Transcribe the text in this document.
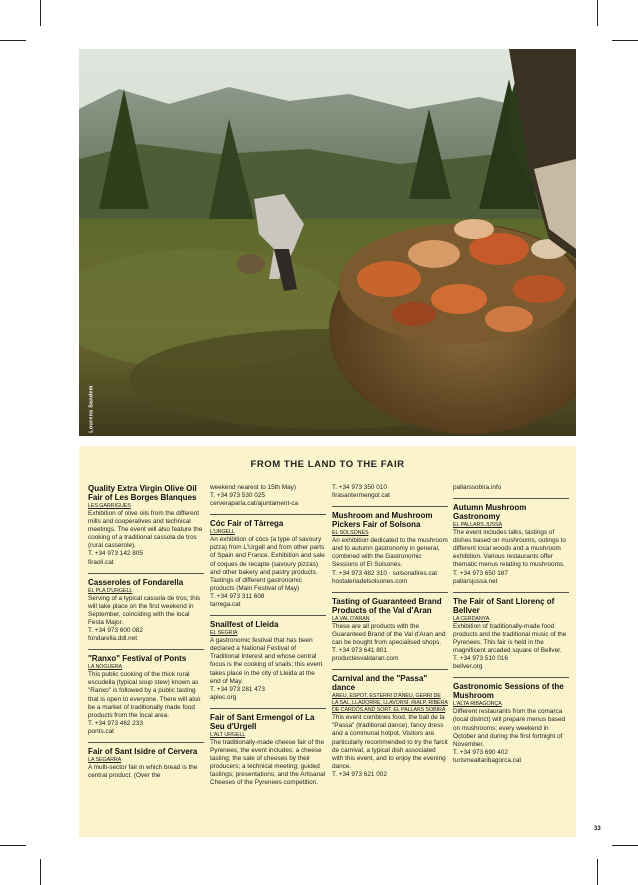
Lourens Sandem
FROM THE LAND TO THE FAIR
Quality Extra Virgin Olive Oil Fair of Les Borges Blanques
LES GARRIGUES
Exhibition of olive oils from the different mills and cooperatives and technical meetings. The event will also feature the cooking of a traditional cassola de tros (rural casserole).
T. +34 973 142 805
firaoli.cat
Casseroles of Fondarella
EL PLA D'URGELL
Serving of a typical cassola de tros; this will take place on the first weekend in September, coinciding with the local Festa Major.
T. +34 973 600 082
fondarella.ddl.net
"Ranxo" Festival of Ponts
LA NOGUERA
This public cooking of the thick rural escudella (typical soup stew) known as "Ranxo" is followed by a public tasting that is open to everyone. There will also be a market of traditionally made food products from the local area.
T. +34 973 462 233
ponts.cat
Fair of Sant Isidre of Cervera
LA SEGARRA
A multi-sector fair in which bread is the central product. (Over the
weekend nearest to 15th May)
T. +34 973 530 025
cerveraparia.cat/ajuntament-ca
Cóc Fair of Tàrrega
L'URGELL
An exhibition of cócs (a type of savoury pizza) from L'Urgell and from other parts of Spain and France. Exhibition and sale of coques de recapte (savoury pizzas) and other bakery and pastry products. Tastings of different gastronomic products (Main Festival of May)
T. +34 973 311 608
tarrega.cat
Snailfest of Lleida
EL SEGRIÀ
A gastronomic festival that has been declared a National Festival of Traditional Interest and whose central focus is the cooking of snails; this event takes place in the city of Lleida at the end of May.
T. +34 973 281 473
aplec.org
Fair of Sant Ermengol of La Seu d'Urgell
L'ALT URGELL
The traditionally-made cheese fair of the Pyrenees; the event includes: a cheese tasting; the sale of cheeses by their producers; a technical meeting; guided tastings; presentations; and the Artisanal Cheeses of the Pyrenees competition.
T. +34 973 350 010
firasantermengol.cat
Mushroom and Mushroom Pickers Fair of Solsona
EL SOLSONÈS
An exhibition dedicated to the mushroom and to autumn gastronomy in general, combined with the Gastronomic Sessions of El Solsonès.
T. +34 973 482 310 · solsonafires.cat
hostaleriadelsolsones.com
Tasting of Guaranteed Brand Products of the Val d'Aran
LA VAL D'ARAN
These are all products with the Guaranteed Brand of the Val d'Aran and can be bought from specialised shops.
T. +34 973 641 801
productesvaldaran.com
Carnival and the "Passa" dance
ÀREU, ESPOT, ESTERRI D'ÀNEU, GERRI DE LA SAL, LLADORRE, LLAVORSÍ, RIALP, RIBERA DE CARDÓS AND SORT. EL PALLARS SOBIRÀ
This event combines food, the ball de la "Passa" (traditional dance), fancy dress and a communal hotpot. Visitors are particularly recommended to try the farcit de carnival, a typical dish associated with this event, and to enjoy the evening dance.
T. +34 973 621 002
pallarssobira.info
Autumn Mushroom Gastronomy
EL PALLARS JUSSÀ
The event includes talks, tastings of dishes based on mushrooms, outings to different local woods and a mushroom exhibition. Various restaurants offer thematic menus relating to mushrooms.
T. +34 973 650 187
pallarsjussa.net
The Fair of Sant Llorenç of Bellver
LA CERDANYA
Exhibition of traditionally-made food products and the traditional music of the Pyrenees. This fair is held in the magnificent arcaded square of Bellver.
T. +34 973 510 016
bellver.org
Gastronomic Sessions of the Mushroom
L'ALTA RIBAGORÇA
Different restaurants from the comarca (local district) will prepare menus based on mushrooms; every weekend in October and during the first fortnight of November.
T. +34 973 690 402
turismealtaribagorca.cat
33
